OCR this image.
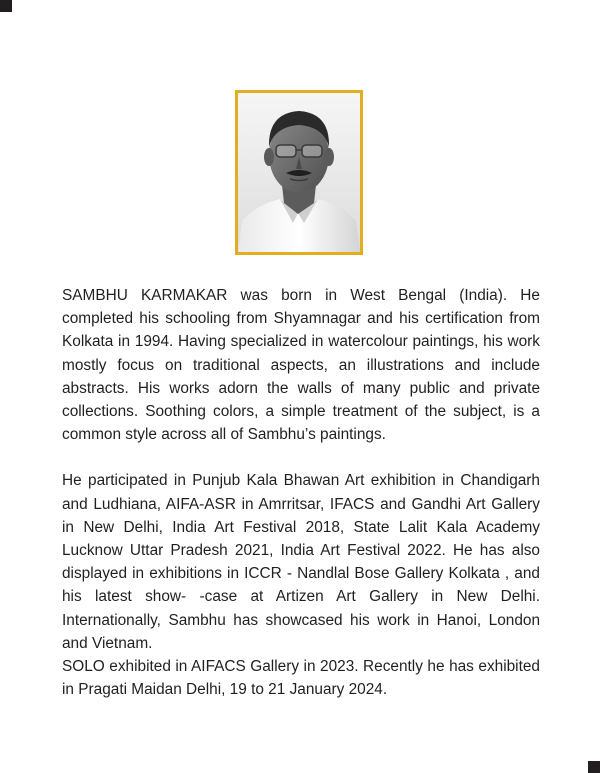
SAMBHU KARMAKAR was born in West Bengal (India). He completed his schooling from Shyamnagar and his certification from Kolkata in 1994. Having specialized in watercolour paintings, his work mostly focus on traditional aspects, an illustrations and include abstracts. His works adorn the walls of many public and private collections. Soothing colors, a simple treatment of the subject, is a common style across all of Sambhu’s paintings.

He participated in Punjub Kala Bhawan Art exhibition in Chandigarh and Ludhiana, AIFA-ASR in Amrritsar, IFACS and Gandhi Art Gallery in New Delhi, India Art Festival 2018, State Lalit Kala Academy Lucknow Uttar Pradesh 2021, India Art Festival 2022. He has also displayed in exhibitions in ICCR - Nandlal Bose Gallery Kolkata , and his latest show- -case at Artizen Art Gallery in New Delhi. Internationally, Sambhu has showcased his work in Hanoi, London and Vietnam.

SOLO exhibited in AIFACS Gallery in 2023. Recently he has exhibited in Pragati Maidan Delhi, 19 to 21 January 2024.
